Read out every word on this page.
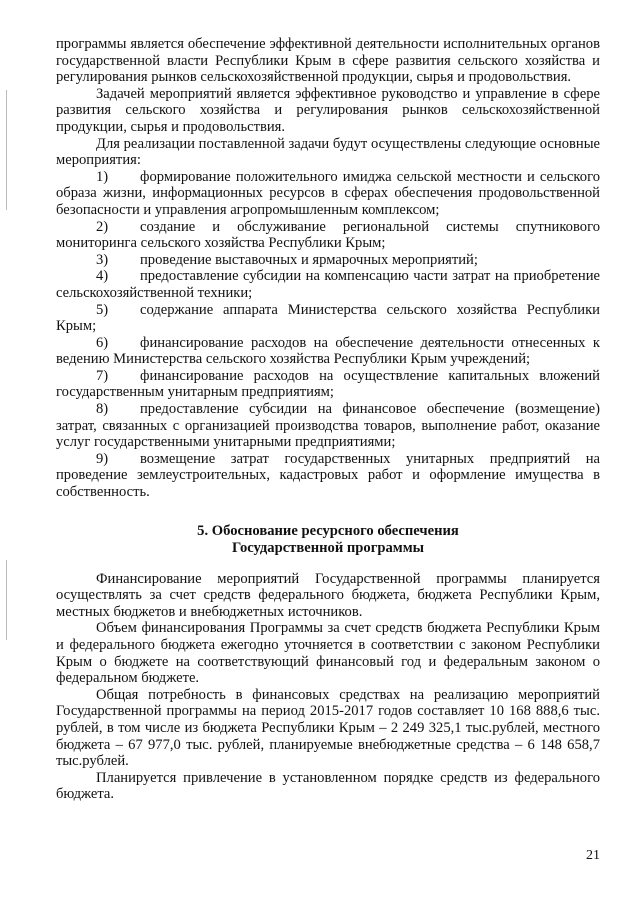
программы является обеспечение эффективной деятельности исполнительных органов государственной власти Республики Крым в сфере развития сельского хозяйства и регулирования рынков сельскохозяйственной продукции, сырья и продовольствия.

Задачей мероприятий является эффективное руководство и управление в сфере развития сельского хозяйства и регулирования рынков сельскохозяйственной продукции, сырья и продовольствия.

Для реализации поставленной задачи будут осуществлены следующие основные мероприятия:

1) формирование положительного имиджа сельской местности и сельского образа жизни, информационных ресурсов в сферах обеспечения продовольственной безопасности и управления агропромышленным комплексом;

2) создание и обслуживание региональной системы спутникового мониторинга сельского хозяйства Республики Крым;

3) проведение выставочных и ярмарочных мероприятий;

4) предоставление субсидии на компенсацию части затрат на приобретение сельскохозяйственной техники;

5) содержание аппарата Министерства сельского хозяйства Республики Крым;

6) финансирование расходов на обеспечение деятельности отнесенных к ведению Министерства сельского хозяйства Республики Крым учреждений;

7) финансирование расходов на осуществление капитальных вложений государственным унитарным предприятиям;

8) предоставление субсидии на финансовое обеспечение (возмещение) затрат, связанных с организацией производства товаров, выполнение работ, оказание услуг государственными унитарными предприятиями;

9) возмещение затрат государственных унитарных предприятий на проведение землеустроительных, кадастровых работ и оформление имущества в собственность.

5. Обоснование ресурсного обеспечения
Государственной программы

Финансирование мероприятий Государственной программы планируется осуществлять за счет средств федерального бюджета, бюджета Республики Крым, местных бюджетов и внебюджетных источников.

Объем финансирования Программы за счет средств бюджета Республики Крым и федерального бюджета ежегодно уточняется в соответствии с законом Республики Крым о бюджете на соответствующий финансовый год и федеральным законом о федеральном бюджете.

Общая потребность в финансовых средствах на реализацию мероприятий Государственной программы на период 2015-2017 годов составляет 10 168 888,6 тыс. рублей, в том числе из бюджета Республики Крым – 2 249 325,1 тыс.рублей, местного бюджета – 67 977,0 тыс. рублей, планируемые внебюджетные средства – 6 148 658,7 тыс.рублей.

Планируется привлечение в установленном порядке средств из федерального бюджета.

21
